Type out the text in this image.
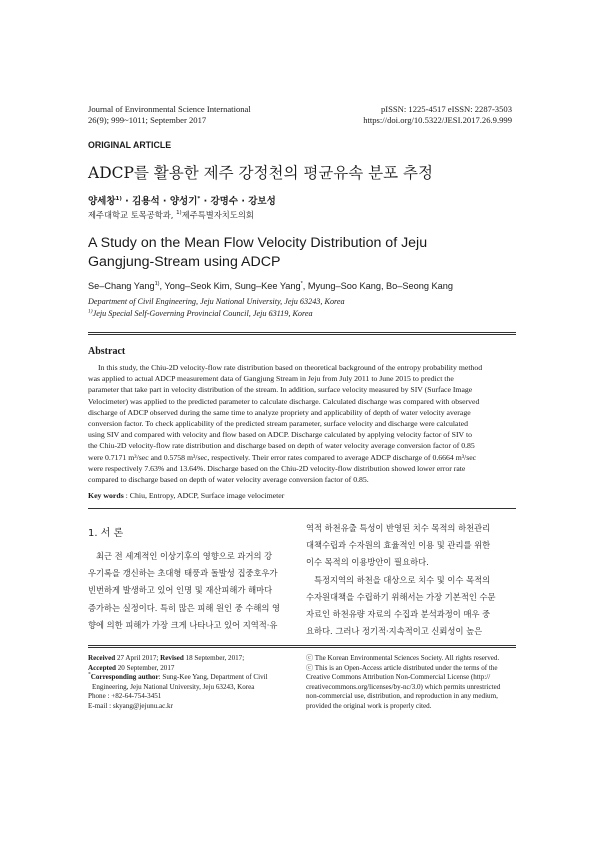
Journal of Environmental Science International
26(9); 999~1011; September 2017
pISSN: 1225-4517 eISSN: 2287-3503
https://doi.org/10.5322/JESI.2017.26.9.999
ORIGINAL ARTICLE
ADCP를 활용한 제주 강정천의 평균유속 분포 추정
양세창$^{1)}$ · 김용석 · 양성기* · 강명수 · 강보성
제주대학교 토목공학과, $^{1)}$제주특별자치도의회
A Study on the Mean Flow Velocity Distribution of Jeju
Gangjung-Stream using ADCP
Se–Chang Yang$^{1)}$, Yong–Seok Kim, Sung–Kee Yang*, Myung–Soo Kang, Bo–Seong Kang
Department of Civil Engineering, Jeju National University, Jeju 63243, Korea
$^{1)}$Jeju Special Self-Governing Provincial Council, Jeju 63119, Korea
Abstract
In this study, the Chiu-2D velocity-flow rate distribution based on theoretical background of the entropy probability method
was applied to actual ADCP measurement data of Gangjung Stream in Jeju from July 2011 to June 2015 to predict the
parameter that take part in velocity distribution of the stream. In addition, surface velocity measured by SIV (Surface Image
Velocimeter) was applied to the predicted parameter to calculate discharge. Calculated discharge was compared with observed
discharge of ADCP observed during the same time to analyze propriety and applicability of depth of water velocity average
conversion factor. To check applicability of the predicted stream parameter, surface velocity and discharge were calculated
using SIV and compared with velocity and flow based on ADCP. Discharge calculated by applying velocity factor of SIV to
the Chiu-2D velocity-flow rate distribution and discharge based on depth of water velocity average conversion factor of 0.85
were 0.7171 m³/sec and 0.5758 m³/sec, respectively. Their error rates compared to average ADCP discharge of 0.6664 m³/sec
were respectively 7.63% and 13.64%. Discharge based on the Chiu-2D velocity-flow distribution showed lower error rate
compared to discharge based on depth of water velocity average conversion factor of 0.85.
Key words : Chiu, Entropy, ADCP, Surface image velocimeter
1. 서 론
최근 전 세계적인 이상기후의 영향으로 과거의 강
우기록을 갱신하는 초대형 태풍과 돌발성 집중호우가
빈번하게 발생하고 있어 인명 및 재산피해가 해마다
증가하는 실정이다. 특히 많은 피해 원인 중 수해의 영
향에 의한 피해가 가장 크게 나타나고 있어 지역적·유
역적 하천유출 특성이 반영된 치수 목적의 하천관리
대책수립과 수자원의 효율적인 이용 및 관리를 위한
이수 목적의 이용방안이 필요하다.
특정지역의 하천을 대상으로 치수 및 이수 목적의
수자원대책을 수립하기 위해서는 가장 기본적인 수문
자료인 하천유량 자료의 수집과 분석과정이 매우 중
요하다. 그러나 정기적·지속적이고 신뢰성이 높은
Received 27 April 2017; Revised 18 September, 2017;
Accepted 20 September, 2017
*Corresponding author: Sung-Kee Yang, Department of Civil
Engineering, Jeju National University, Jeju 63243, Korea
Phone : +82-64-754-3451
E-mail : skyang@jejunu.ac.kr
ⓒ The Korean Environmental Sciences Society. All rights reserved.
ⓒ This is an Open-Access article distributed under the terms of the
Creative Commons Attribution Non-Commercial License (http://
creativecommons.org/licenses/by-nc/3.0) which permits unrestricted
non-commercial use, distribution, and reproduction in any medium,
provided the original work is properly cited.
